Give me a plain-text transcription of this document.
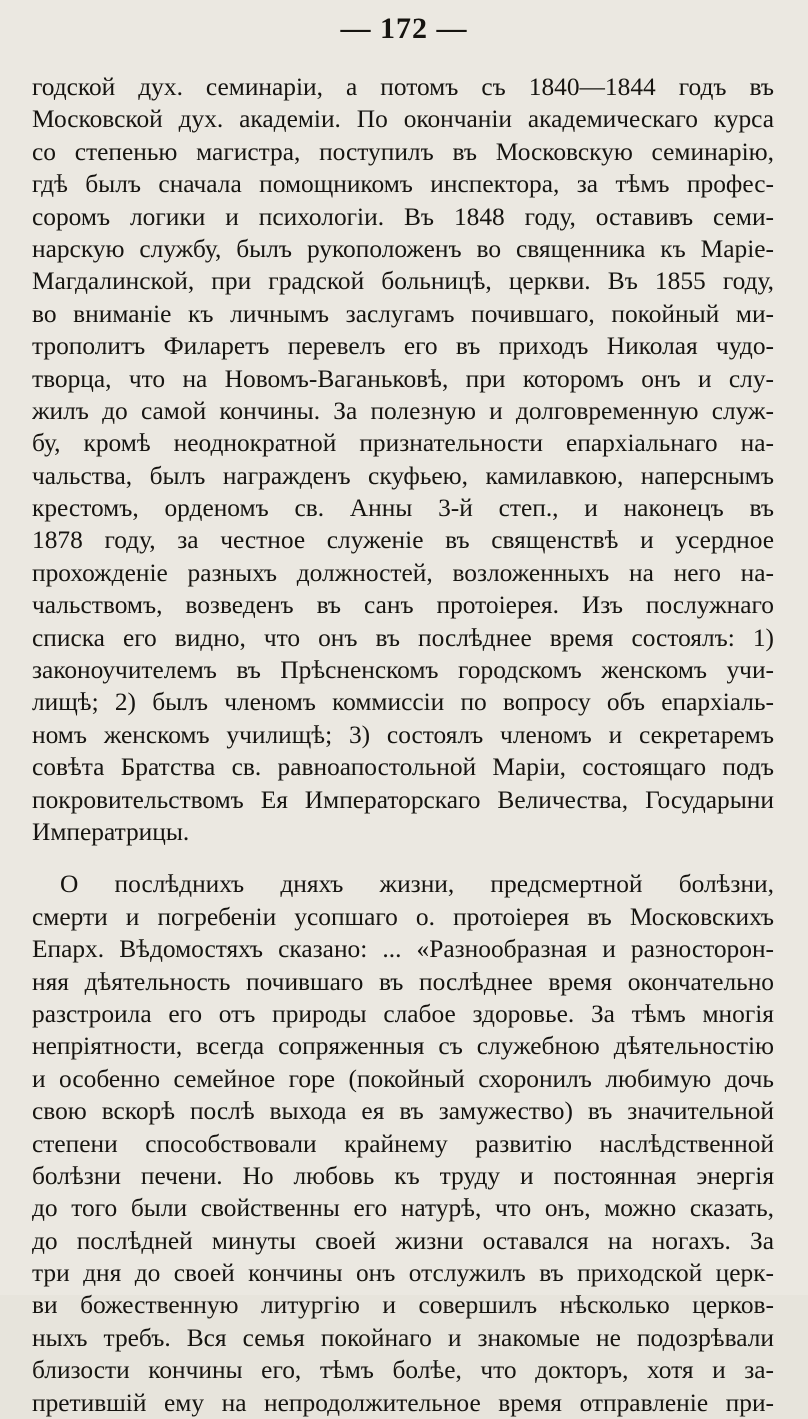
— 172 —
годской дух. семинаріи, а потомъ съ 1840—1844 годъ въ
Московской дух. академіи. По окончаніи академическаго курса
со степенью магистра, поступилъ въ Московскую семинарію,
гдѣ былъ сначала помощникомъ инспектора, за тѣмъ профес-
соромъ логики и психологіи. Въ 1848 году, оставивъ семи-
нарскую службу, былъ рукоположенъ во священника къ Маріе-
Магдалинской, при градской больницѣ, церкви. Въ 1855 году,
во вниманіе къ личнымъ заслугамъ почившаго, покойный ми-
трополитъ Филаретъ перевелъ его въ приходъ Николая чудо-
творца, что на Новомъ-Ваганьковѣ, при которомъ онъ и слу-
жилъ до самой кончины. За полезную и долговременную служ-
бу, кромѣ неоднократной признательности епархіальнаго на-
чальства, былъ награжденъ скуфьею, камилавкою, наперснымъ
крестомъ, орденомъ св. Анны 3-й степ., и наконецъ въ
1878 году, за честное служеніе въ священствѣ и усердное
прохожденіе разныхъ должностей, возложенныхъ на него на-
чальствомъ, возведенъ въ санъ протоіерея. Изъ послужнаго
списка его видно, что онъ въ послѣднее время состоялъ: 1)
законоучителемъ въ Прѣсненскомъ городскомъ женскомъ учи-
лищѣ; 2) былъ членомъ коммиссіи по вопросу объ епархіаль-
номъ женскомъ училищѣ; 3) состоялъ членомъ и секретаремъ
совѣта Братства св. равноапостольной Маріи, состоящаго подъ
покровительствомъ Ея Императорскаго Величества, Государыни
Императрицы.
О послѣднихъ дняхъ жизни, предсмертной болѣзни,
смерти и погребеніи усопшаго о. протоіерея въ Московскихъ
Епарх. Вѣдомостяхъ сказано: ... «Разнообразная и разносторон-
няя дѣятельность почившаго въ послѣднее время окончательно
разстроила его отъ природы слабое здоровье. За тѣмъ многія
непріятности, всегда сопряженныя съ служебною дѣятельностію
и особенно семейное горе (покойный схоронилъ любимую дочь
свою вскорѣ послѣ выхода ея въ замужество) въ значительной
степени способствовали крайнему развитію наслѣдственной
болѣзни печени. Но любовь къ труду и постоянная энергія
до того были свойственны его натурѣ, что онъ, можно сказать,
до послѣдней минуты своей жизни оставался на ногахъ. За
три дня до своей кончины онъ отслужилъ въ приходской церк-
ви божественную литургію и совершилъ нѣсколько церков-
ныхъ требъ. Вся семья покойнаго и знакомые не подозрѣвали
близости кончины его, тѣмъ болѣе, что докторъ, хотя и за-
претившій ему на непродолжительное время отправленіе при-
